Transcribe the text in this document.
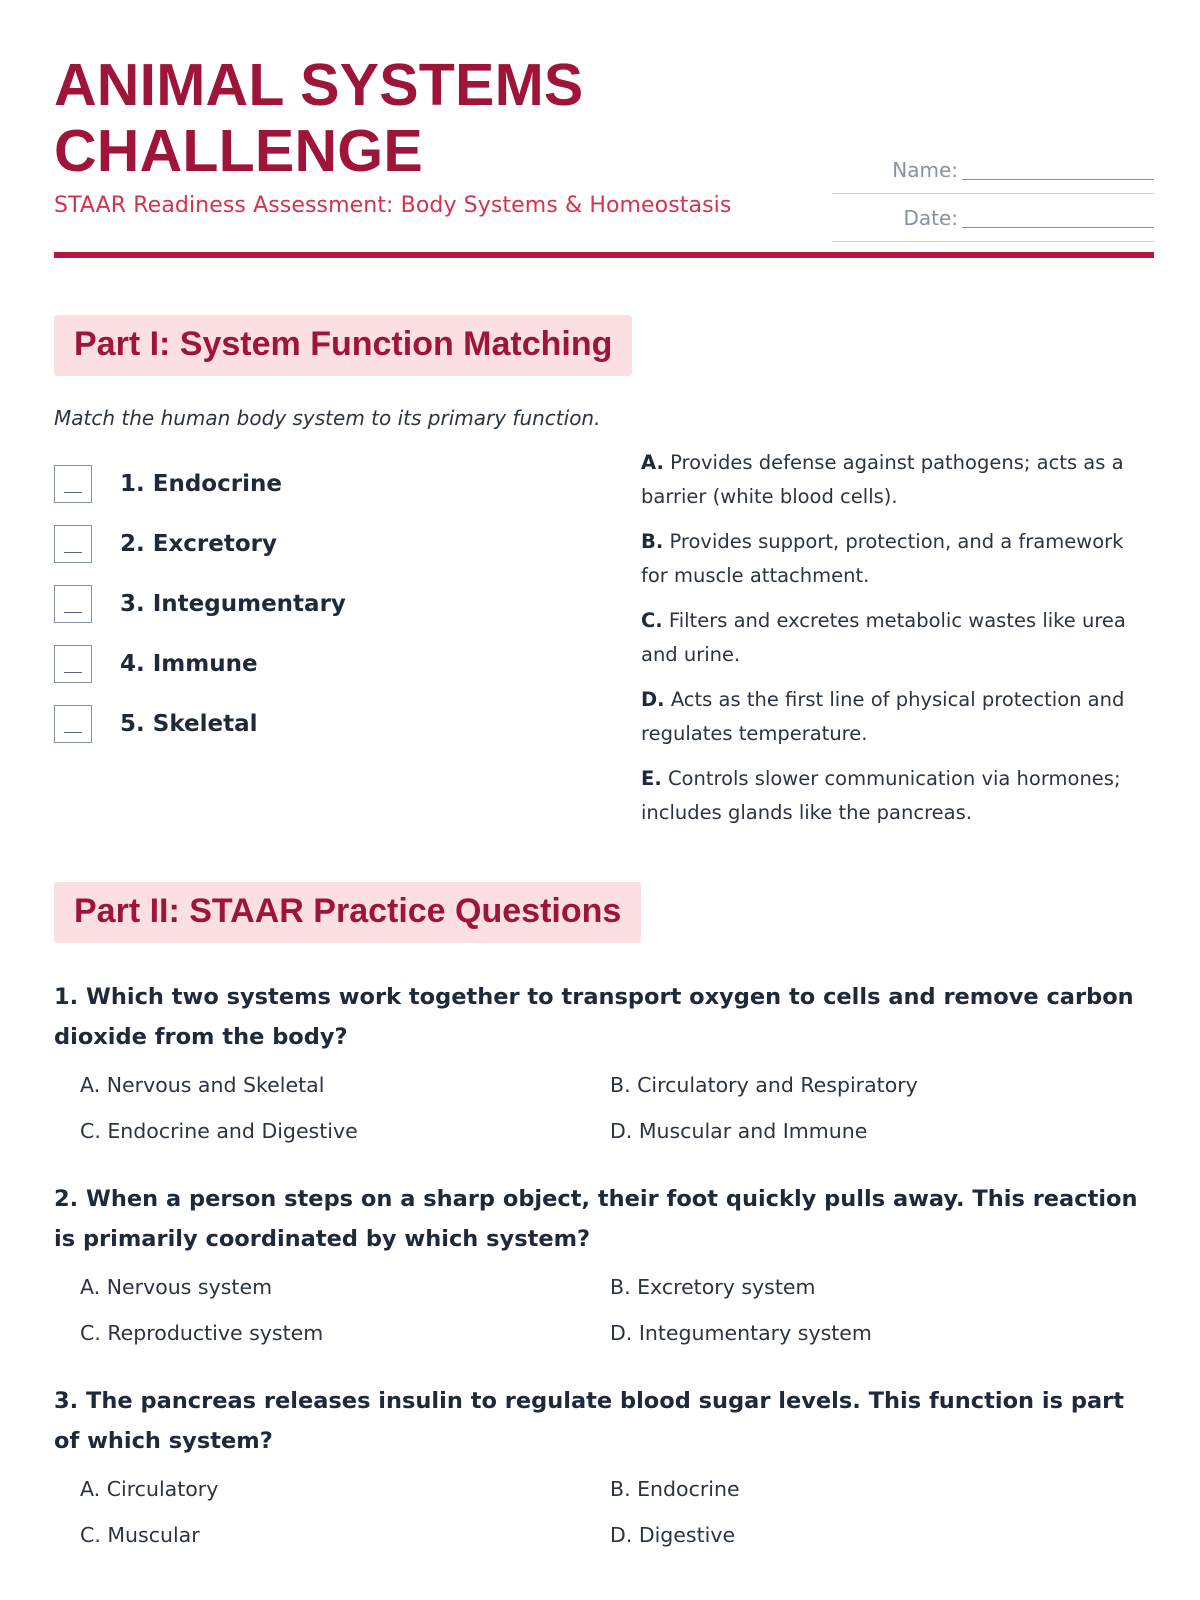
ANIMAL SYSTEMS
CHALLENGE
STAAR Readiness Assessment: Body Systems & Homeostasis
Name:
Date:
Part I: System Function Matching

Match the human body system to its primary function.

1. Endocrine
2. Excretory
3. Integumentary
4. Immune
5. Skeletal

A. Provides defense against pathogens; acts as a barrier (white blood cells).

B. Provides support, protection, and a framework for muscle attachment.

C. Filters and excretes metabolic wastes like urea and urine.

D. Acts as the first line of physical protection and regulates temperature.

E. Controls slower communication via hormones; includes glands like the pancreas.

Part II: STAAR Practice Questions

1. Which two systems work together to transport oxygen to cells and remove carbon dioxide from the body?

A. Nervous and Skeletal	B. Circulatory and Respiratory
C. Endocrine and Digestive	D. Muscular and Immune

2. When a person steps on a sharp object, their foot quickly pulls away. This reaction is primarily coordinated by which system?

A. Nervous system	B. Excretory system
C. Reproductive system	D. Integumentary system

3. The pancreas releases insulin to regulate blood sugar levels. This function is part of which system?

A. Circulatory	B. Endocrine
C. Muscular	D. Digestive
